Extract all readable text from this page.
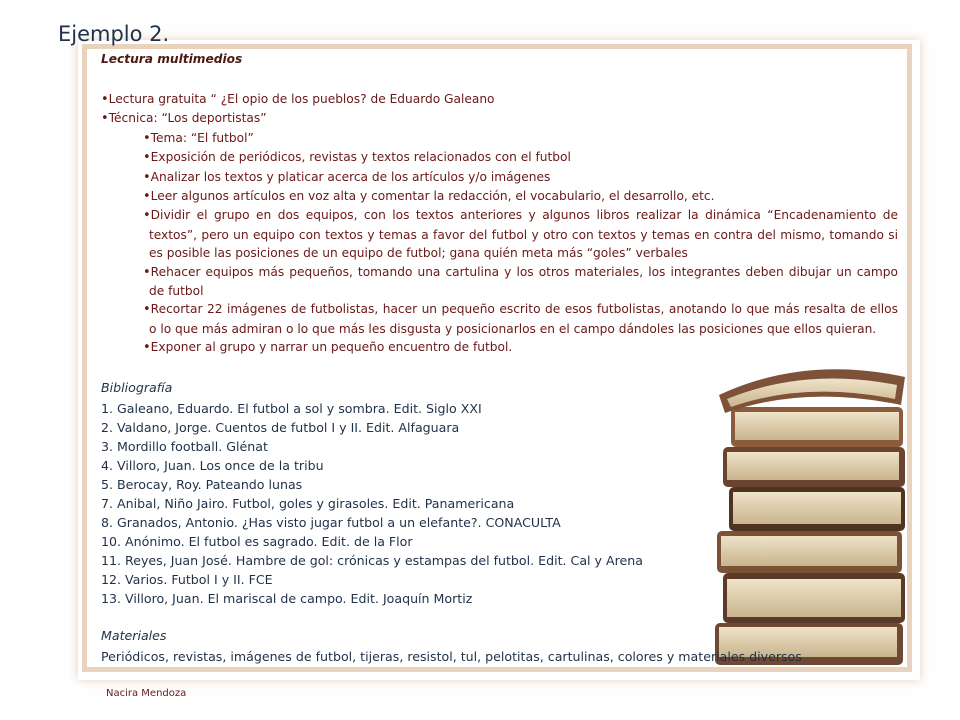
Ejemplo 2.

Lectura multimedios

•Lectura gratuita “ ¿El opio de los pueblos? de Eduardo Galeano

•Técnica: “Los deportistas”

•Tema: “El futbol”

•Exposición de periódicos, revistas y textos relacionados con el futbol

•Analizar los textos y platicar acerca de los artículos y/o imágenes

•Leer algunos artículos en voz alta y comentar la redacción, el vocabulario, el desarrollo, etc.

•Dividir el grupo en dos equipos, con los textos anteriores y algunos libros realizar la dinámica “Encadenamiento de textos”, pero un equipo con textos y temas a favor del futbol y otro con textos y temas en contra del mismo, tomando si es posible las posiciones de un equipo de futbol; gana quién meta más “goles” verbales

•Rehacer equipos más pequeños, tomando una cartulina y los otros materiales, los integrantes deben dibujar un campo de futbol

•Recortar 22 imágenes de futbolistas, hacer un pequeño escrito de esos futbolistas, anotando lo que más resalta de ellos o lo que más admiran o lo que más les disgusta y posicionarlos en el campo dándoles las posiciones que ellos quieran.

•Exponer al grupo y narrar un pequeño encuentro de futbol.

Bibliografía

1. Galeano, Eduardo. El futbol a sol y sombra. Edit. Siglo XXI

2. Valdano, Jorge. Cuentos de futbol I y II. Edit. Alfaguara

3. Mordillo football. Glénat

4. Villoro, Juan. Los once de la tribu

5. Berocay, Roy. Pateando lunas

7. Anibal, Niño Jairo. Futbol, goles y girasoles. Edit. Panamericana

8. Granados, Antonio. ¿Has visto jugar futbol a un elefante?. CONACULTA

10. Anónimo. El futbol es sagrado. Edit. de la Flor

11. Reyes, Juan José. Hambre de gol: crónicas y estampas del futbol. Edit. Cal y Arena

12. Varios. Futbol I y II. FCE

13. Villoro, Juan. El mariscal de campo. Edit. Joaquín Mortiz

Materiales

Periódicos, revistas, imágenes de futbol, tijeras, resistol, tul, pelotitas, cartulinas, colores y materiales diversos

Nacira Mendoza
